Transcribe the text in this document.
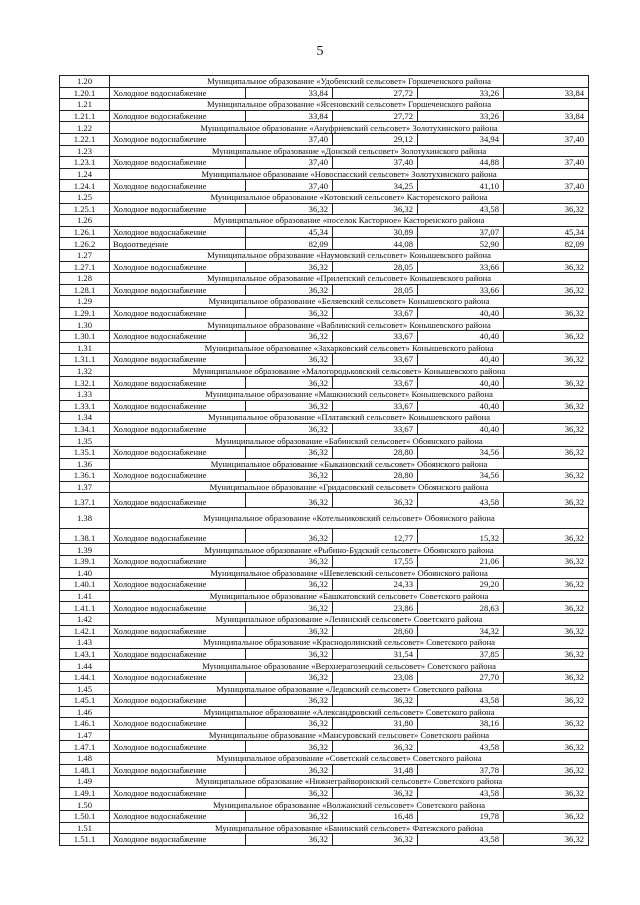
5
1.20	Муниципальное образование «Удобенский сельсовет» Горшеченского района				
1.20.1	Холодное водоснабжение	33,84	27,72	33,26	33,84
1.21	Муниципальное образование «Ясеновский сельсовет» Горшеченского района				
1.21.1	Холодное водоснабжение	33,84	27,72	33,26	33,84
1.22	Муниципальное образование «Ануфриевский сельсовет» Золотухинского района				
1.22.1	Холодное водоснабжение	37,40	29,12	34,94	37,40
1.23	Муниципальное образование «Донской сельсовет» Золотухинского района				
1.23.1	Холодное водоснабжение	37,40	37,40	44,88	37,40
1.24	Муниципальное образование «Новоспасский сельсовет» Золотухинского района				
1.24.1	Холодное водоснабжение	37,40	34,25	41,10	37,40
1.25	Муниципальное образование «Котовский сельсовет» Касторенского района				
1.25.1	Холодное водоснабжение	36,32	36,32	43,58	36,32
1.26	Муниципальное образование «поселок Касторное» Касторенского района				
1.26.1	Холодное водоснабжение	45,34	30,89	37,07	45,34
1.26.2	Водоотведение	82,09	44,08	52,90	82,09
1.27	Муниципальное образование «Наумовский сельсовет» Конышевского района				
1.27.1	Холодное водоснабжение	36,32	28,05	33,66	36,32
1.28	Муниципальное образование «Прилепский сельсовет» Конышевского района				
1.28.1	Холодное водоснабжение	36,32	28,05	33,66	36,32
1.29	Муниципальное образование «Беляевский сельсовет» Конышевского района				
1.29.1	Холодное водоснабжение	36,32	33,67	40,40	36,32
1.30	Муниципальное образование «Ваблинский сельсовет» Конышевского района				
1.30.1	Холодное водоснабжение	36,32	33,67	40,40	36,32
1.31	Муниципальное образование «Захарковский сельсовет» Конышевского района				
1.31.1	Холодное водоснабжение	36,32	33,67	40,40	36,32
1.32	Муниципальное образование «Малогородьковский сельсовет» Конышевского района				
1.32.1	Холодное водоснабжение	36,32	33,67	40,40	36,32
1.33	Муниципальное образование «Машкинский сельсовет» Конышевского района				
1.33.1	Холодное водоснабжение	36,32	33,67	40,40	36,32
1.34	Муниципальное образование «Платавский сельсовет» Конышевского района				
1.34.1	Холодное водоснабжение	36,32	33,67	40,40	36,32
1.35	Муниципальное образование «Бабинский сельсовет» Обоянского района				
1.35.1	Холодное водоснабжение	36,32	28,80	34,56	36,32
1.36	Муниципальное образование «Быкановский сельсовет» Обоянского района				
1.36.1	Холодное водоснабжение	36,32	28,80	34,56	36,32
1.37	Муниципальное образование «Гридасовский сельсовет» Обоянского района				
1.37.1	Холодное водоснабжение	36,32	36,32	43,58	36,32
1.38	Муниципальное образование «Котельниковский сельсовет» Обоянского района				
1.38.1	Холодное водоснабжение	36,32	12,77	15,32	36,32
1.39	Муниципальное образование «Рыбино-Будский сельсовет» Обоянского района				
1.39.1	Холодное водоснабжение	36,32	17,55	21,06	36,32
1.40	Муниципальное образование «Шевелевский сельсовет» Обоянского района				
1.40.1	Холодное водоснабжение	36,32	24,33	29,20	36,32
1.41	Муниципальное образование «Башкатовский сельсовет» Советского района				
1.41.1	Холодное водоснабжение	36,32	23,86	28,63	36,32
1.42	Муниципальное образование «Ленинский сельсовет» Советского района				
1.42.1	Холодное водоснабжение	36,32	28,60	34,32	36,32
1.43	Муниципальное образование «Краснодолинский сельсовет» Советского района				
1.43.1	Холодное водоснабжение	36,32	31,54	37,85	36,32
1.44	Муниципальное образование «Верхнерагозецкий сельсовет» Советского района				
1.44.1	Холодное водоснабжение	36,32	23,08	27,70	36,32
1.45	Муниципальное образование «Ледовский сельсовет» Советского района				
1.45.1	Холодное водоснабжение	36,32	36,32	43,58	36,32
1.46	Муниципальное образование «Александровский сельсовет» Советского района				
1.46.1	Холодное водоснабжение	36,32	31,80	38,16	36,32
1.47	Муниципальное образование «Мансуровский сельсовет» Советского района				
1.47.1	Холодное водоснабжение	36,32	36,32	43,58	36,32
1.48	Муниципальное образование «Советский сельсовет» Советского района				
1.48.1	Холодное водоснабжение	36,32	31,48	37,78	36,32
1.49	Муниципальное образование «Нижнеграйворонский сельсовет» Советского района				
1.49.1	Холодное водоснабжение	36,32	36,32	43,58	36,32
1.50	Муниципальное образование «Волжанский сельсовет» Советского района				
1.50.1	Холодное водоснабжение	36,32	16,48	19,78	36,32
1.51	Муниципальное образование «Банинский сельсовет» Фатежского района				
1.51.1	Холодное водоснабжение	36,32	36,32	43,58	36,32
